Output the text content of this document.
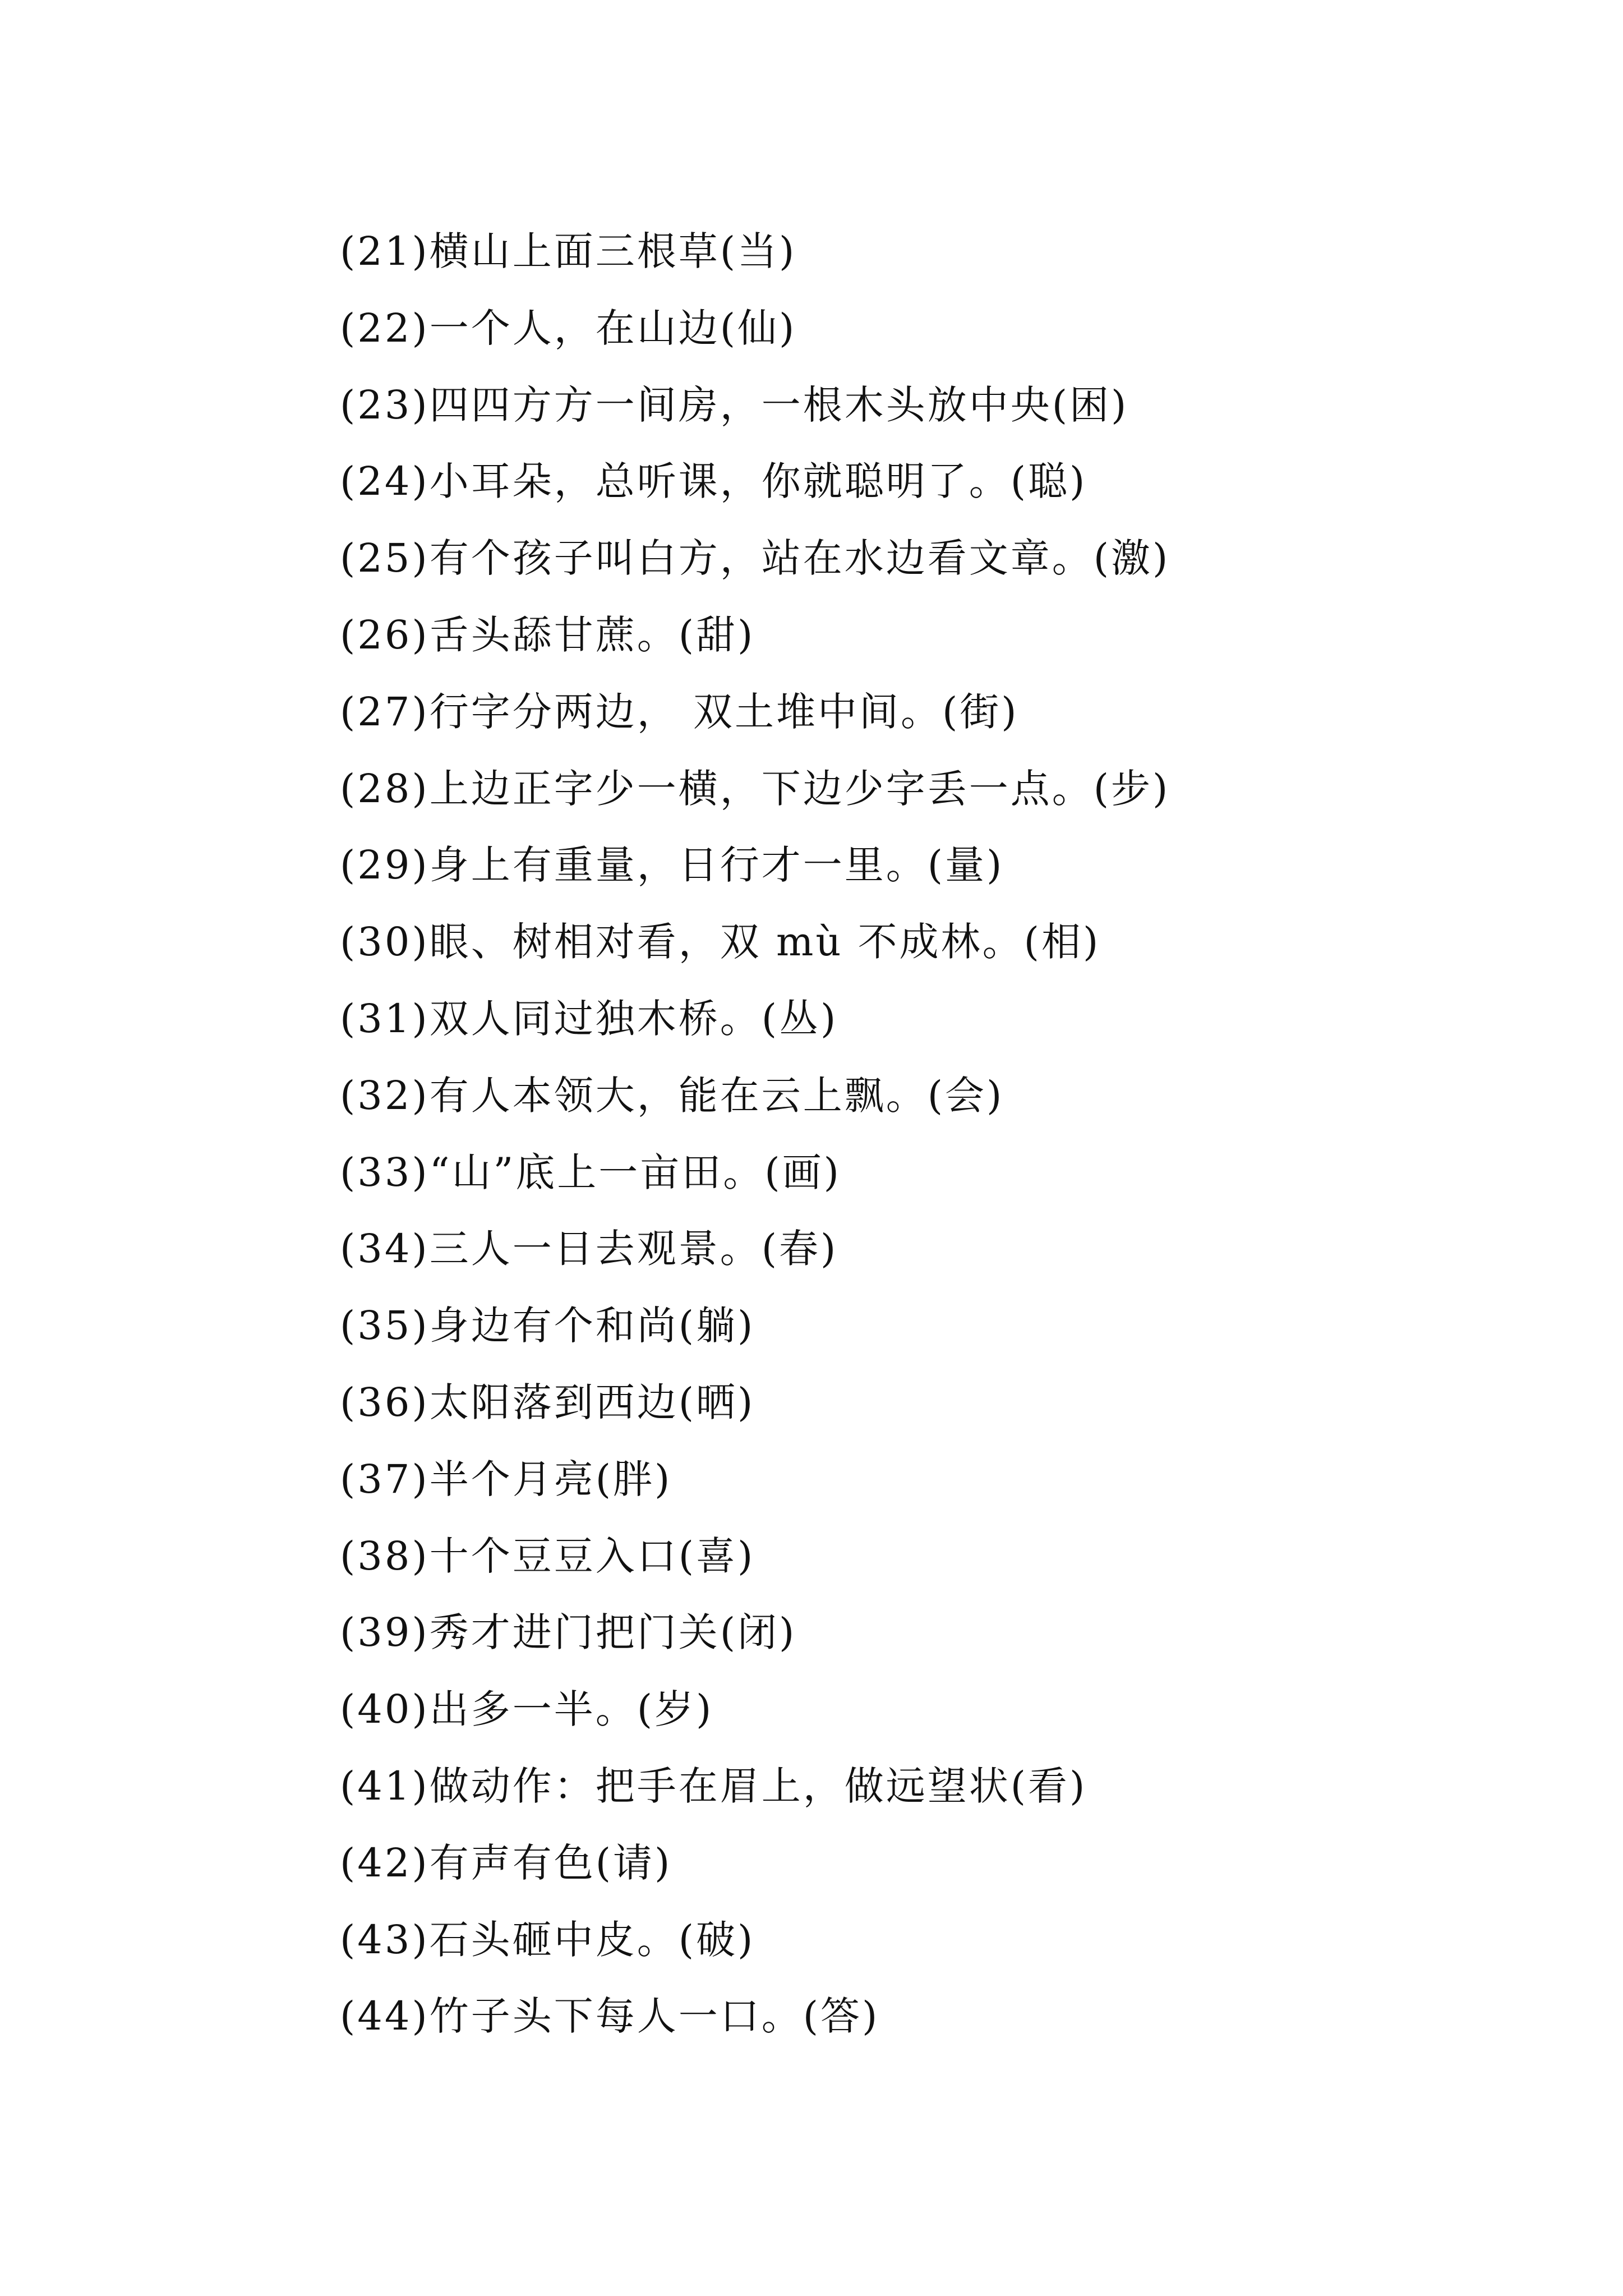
(21)横山上面三根草(当)
(22)一个人，在山边(仙)
(23)四四方方一间房，一根木头放中央(困)
(24)小耳朵，总听课，你就聪明了。(聪)
(25)有个孩子叫白方，站在水边看文章。(激)
(26)舌头舔甘蔗。(甜)
(27)行字分两边， 双土堆中间。(街)
(28)上边正字少一横，下边少字丢一点。(步)
(29)身上有重量，日行才一里。(量)
(30)眼、树相对看，双 mù 不成林。(相)
(31)双人同过独木桥。(丛)
(32)有人本领大，能在云上飘。(会)
(33)“山”底上一亩田。(画)
(34)三人一日去观景。(春)
(35)身边有个和尚(躺)
(36)太阳落到西边(晒)
(37)半个月亮(胖)
(38)十个豆豆入口(喜)
(39)秀才进门把门关(闭)
(40)出多一半。(岁)
(41)做动作：把手在眉上，做远望状(看)
(42)有声有色(请)
(43)石头砸中皮。(破)
(44)竹子头下每人一口。(答)
